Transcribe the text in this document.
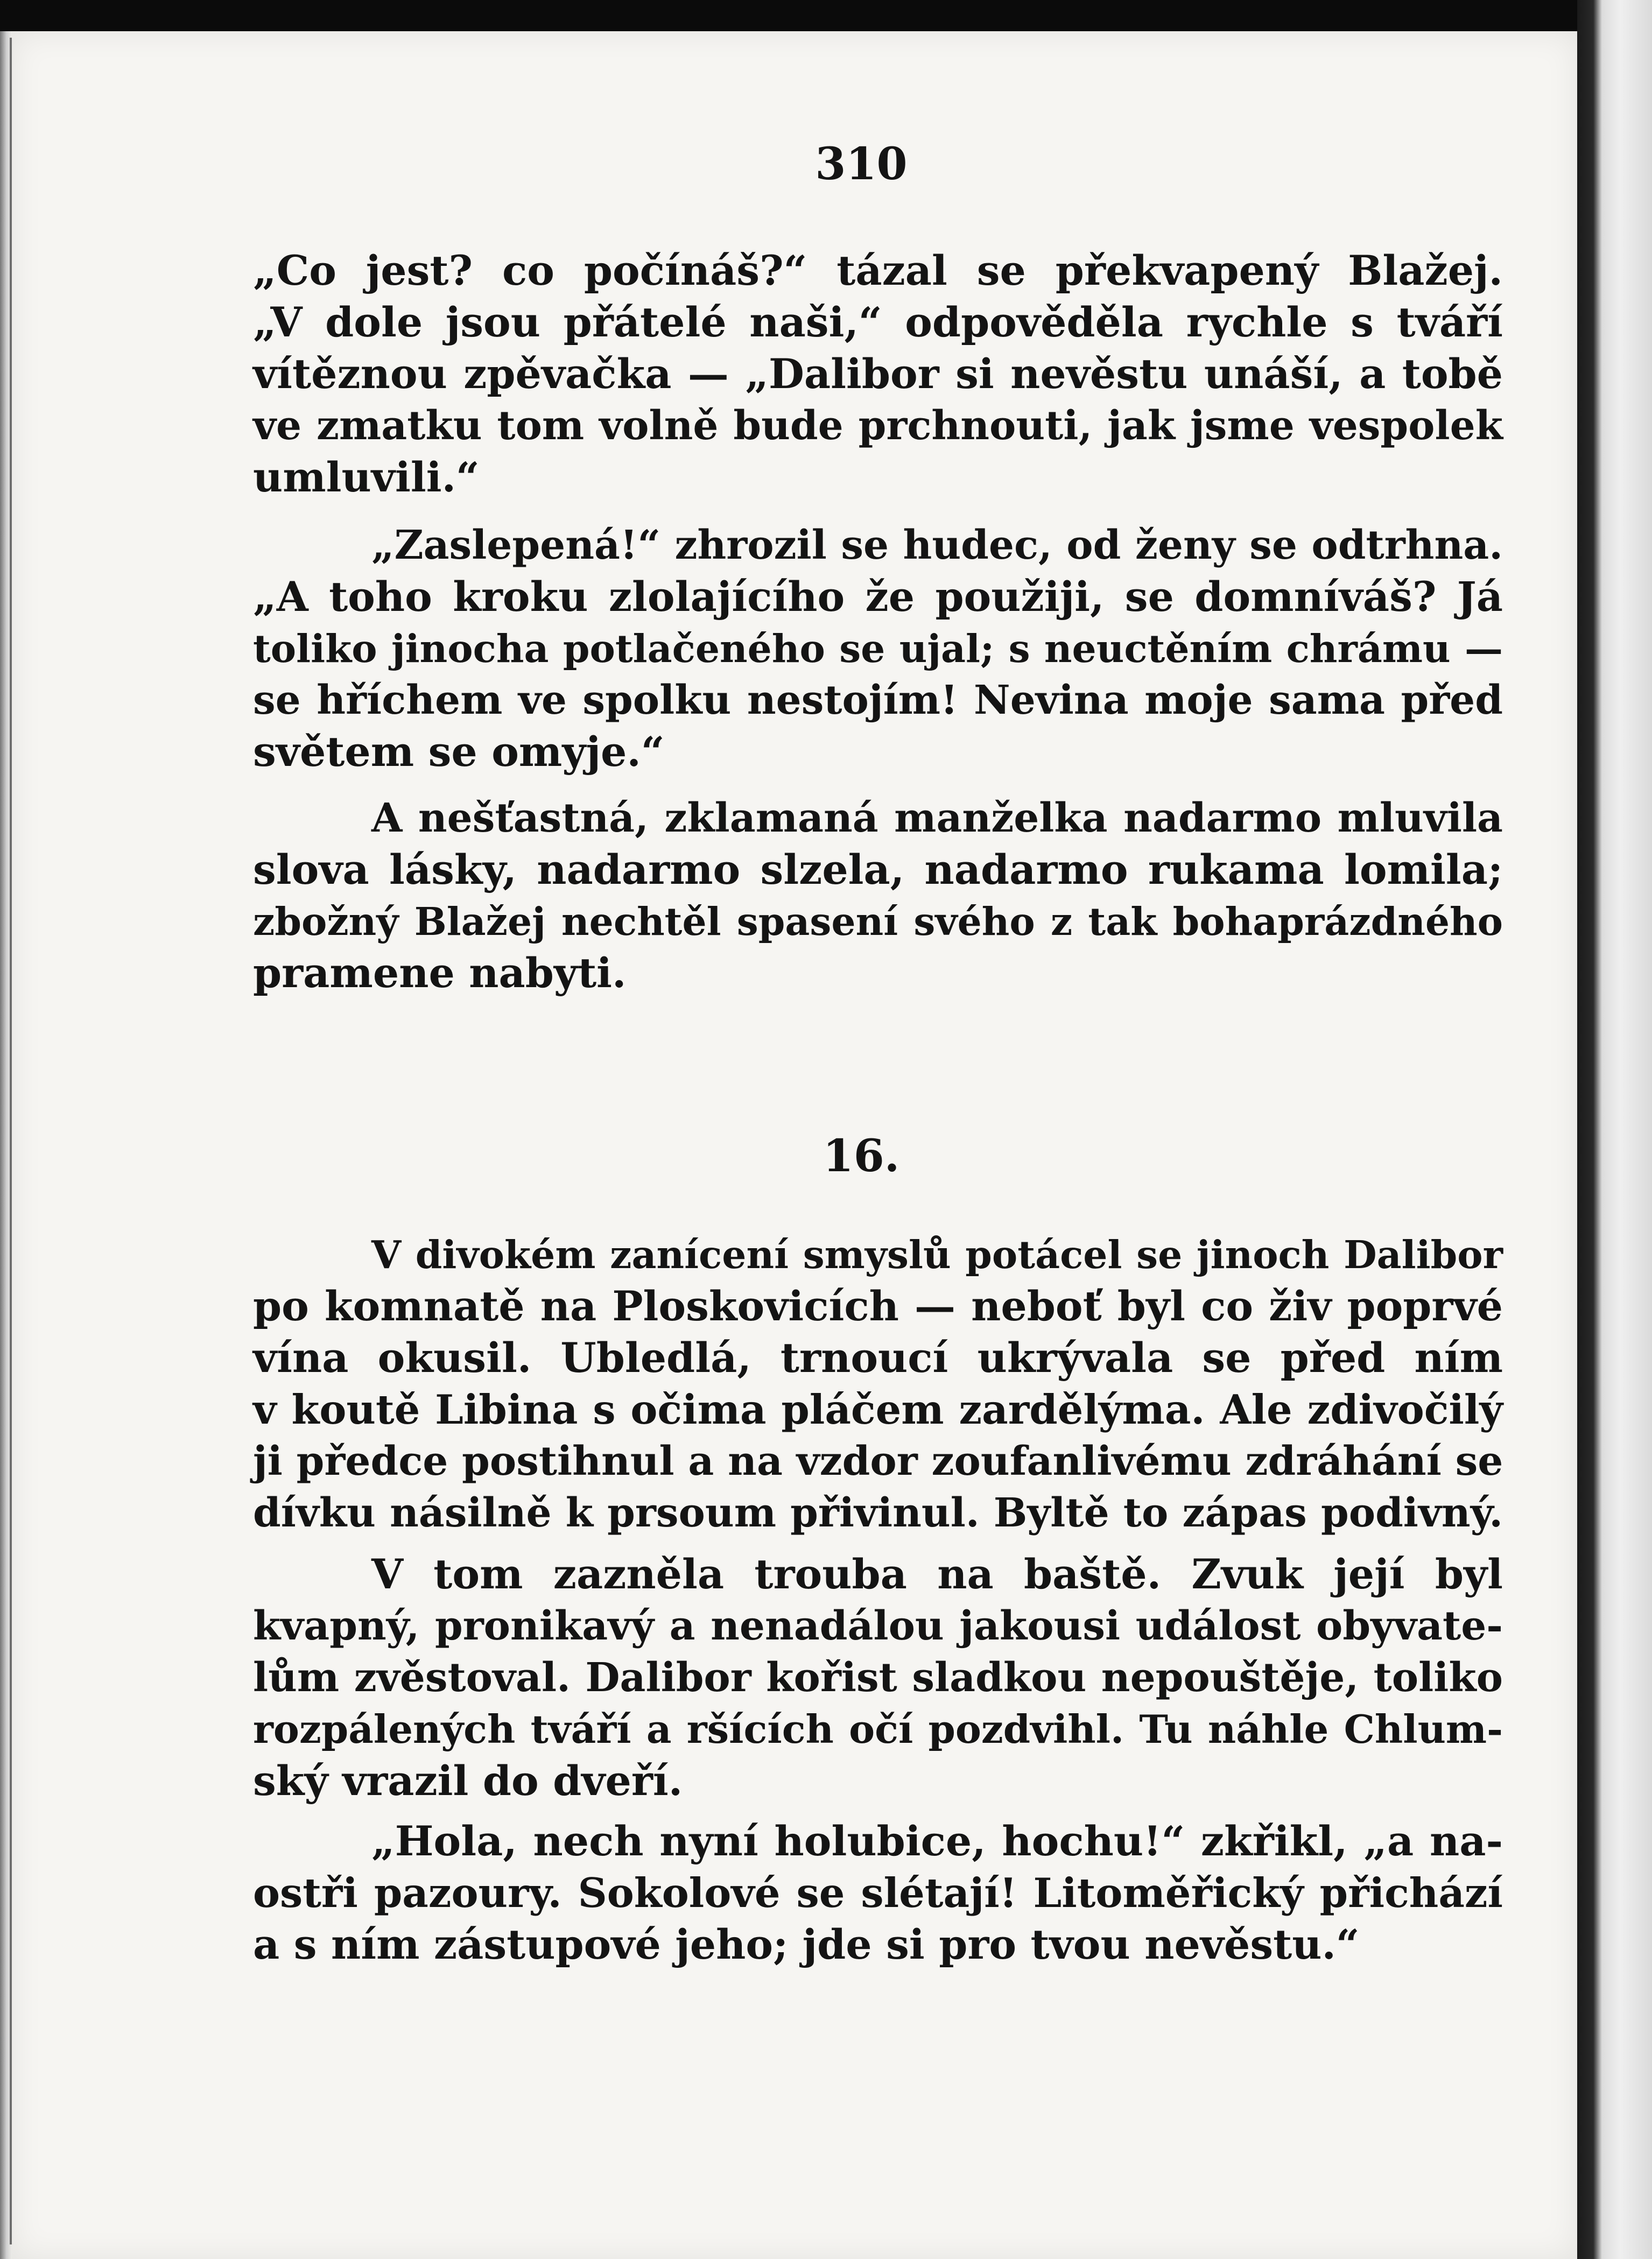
310
„Co jest? co počínáš?“ tázal se překvapený Blažej.
„V dole jsou přátelé naši,“ odpověděla rychle s tváří
vítěznou zpěvačka — „Dalibor si nevěstu unáší, a tobě
ve zmatku tom volně bude prchnouti, jak jsme vespolek
umluvili.“
„Zaslepená!“ zhrozil se hudec, od ženy se odtrhna.
„A toho kroku zlolajícího že použiji, se domníváš? Já
toliko jinocha potlačeného se ujal; s neuctěním chrámu —
se hříchem ve spolku nestojím! Nevina moje sama před
světem se omyje.“
A nešťastná, zklamaná manželka nadarmo mluvila
slova lásky, nadarmo slzela, nadarmo rukama lomila;
zbožný Blažej nechtěl spasení svého z tak bohaprázdného
pramene nabyti.
16.
V divokém zanícení smyslů potácel se jinoch Dalibor
po komnatě na Ploskovicích — neboť byl co živ poprvé
vína okusil. Ubledlá, trnoucí ukrývala se před ním
v koutě Libina s očima pláčem zardělýma. Ale zdivočilý
ji předce postihnul a na vzdor zoufanlivému zdráhání se
dívku násilně k prsoum přivinul. Byltě to zápas podivný.
V tom zazněla trouba na baště. Zvuk její byl
kvapný, pronikavý a nenadálou jakousi událost obyvate-
lům zvěstoval. Dalibor kořist sladkou nepouštěje, toliko
rozpálených tváří a ršících očí pozdvihl. Tu náhle Chlum-
ský vrazil do dveří.
„Hola, nech nyní holubice, hochu!“ zkřikl, „a na-
ostři pazoury. Sokolové se slétají! Litoměřický přichází
a s ním zástupové jeho; jde si pro tvou nevěstu.“
